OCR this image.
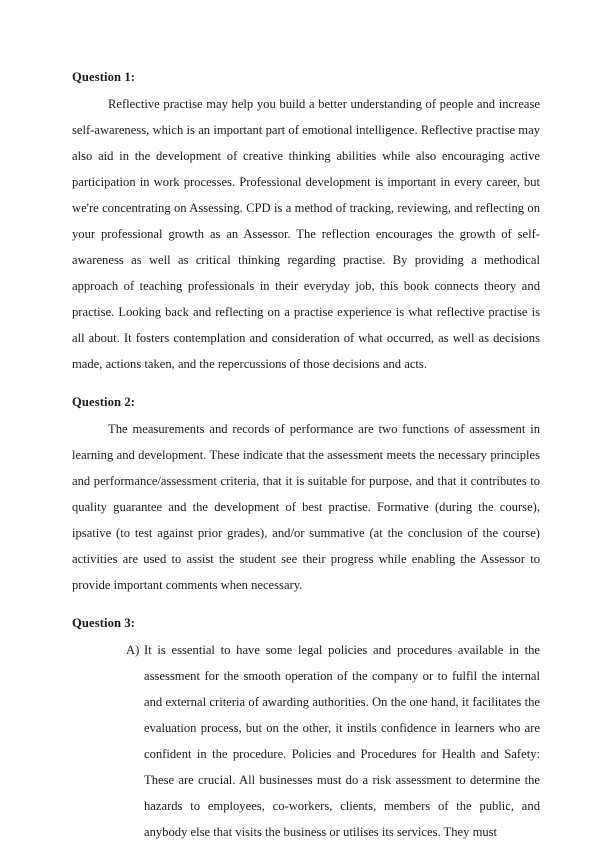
Question 1:

Reflective practise may help you build a better understanding of people and increase self-awareness, which is an important part of emotional intelligence. Reflective practise may also aid in the development of creative thinking abilities while also encouraging active participation in work processes. Professional development is important in every career, but we're concentrating on Assessing. CPD is a method of tracking, reviewing, and reflecting on your professional growth as an Assessor. The reflection encourages the growth of self-awareness as well as critical thinking regarding practise. By providing a methodical approach of teaching professionals in their everyday job, this book connects theory and practise. Looking back and reflecting on a practise experience is what reflective practise is all about. It fosters contemplation and consideration of what occurred, as well as decisions made, actions taken, and the repercussions of those decisions and acts.

Question 2:

The measurements and records of performance are two functions of assessment in learning and development. These indicate that the assessment meets the necessary principles and performance/assessment criteria, that it is suitable for purpose, and that it contributes to quality guarantee and the development of best practise. Formative (during the course), ipsative (to test against prior grades), and/or summative (at the conclusion of the course) activities are used to assist the student see their progress while enabling the Assessor to provide important comments when necessary.

Question 3:
A) It is essential to have some legal policies and procedures available in the assessment for the smooth operation of the company or to fulfil the internal and external criteria of awarding authorities. On the one hand, it facilitates the evaluation process, but on the other, it instils confidence in learners who are confident in the procedure. Policies and Procedures for Health and Safety: These are crucial. All businesses must do a risk assessment to determine the hazards to employees, co-workers, clients, members of the public, and anybody else that visits the business or utilises its services. They must
